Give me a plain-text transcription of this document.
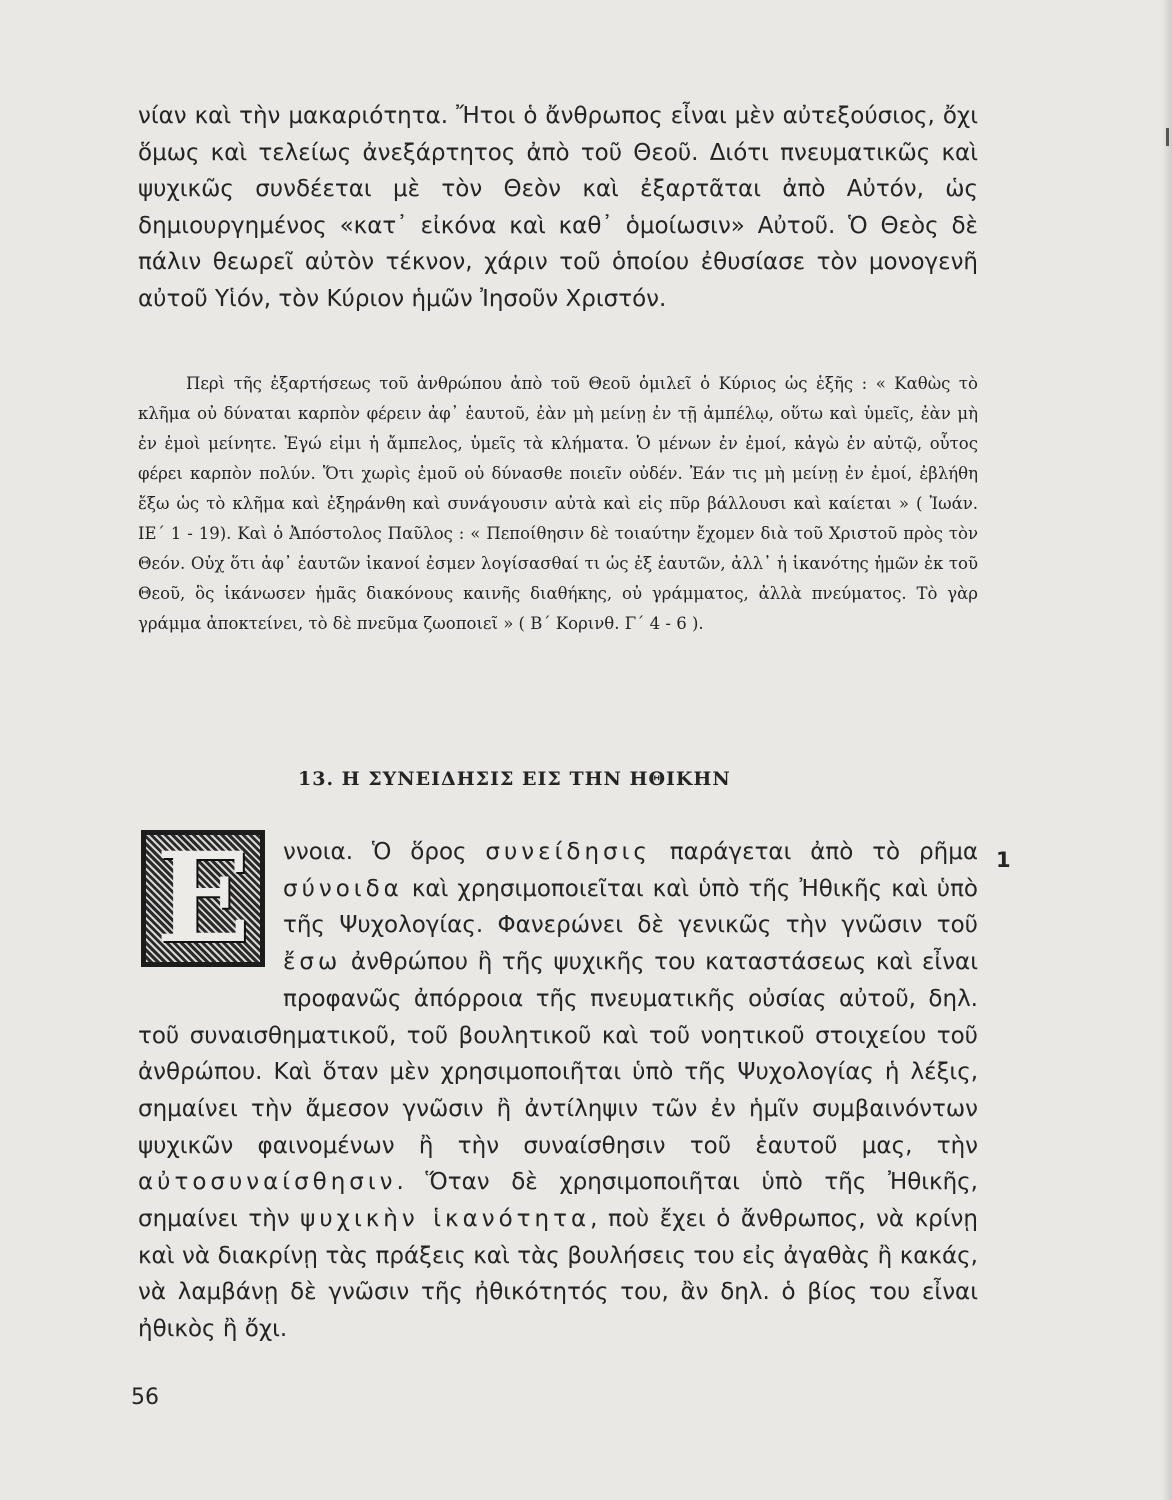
νίαν καὶ τὴν μακαριότητα. Ἤτοι ὁ ἄνθρωπος εἶναι μὲν αὐτεξούσιος, ὄχι ὅμως καὶ τελείως ἀνεξάρτητος ἀπὸ τοῦ Θεοῦ. Διότι πνευματικῶς καὶ ψυχικῶς συνδέεται μὲ τὸν Θεὸν καὶ ἐξαρτᾶται ἀπὸ Αὐτόν, ὡς δημιουργημένος «κατ᾽ εἰκόνα καὶ καθ᾽ ὁμοίωσιν» Αὐτοῦ. Ὁ Θεὸς δὲ πάλιν θεωρεῖ αὐτὸν τέκνον, χάριν τοῦ ὁποίου ἐθυσίασε τὸν μονογενῆ αὐτοῦ Υἱόν, τὸν Κύριον ἡμῶν Ἰησοῦν Χριστόν.

Περὶ τῆς ἐξαρτήσεως τοῦ ἀνθρώπου ἀπὸ τοῦ Θεοῦ ὁμιλεῖ ὁ Κύριος ὡς ἑξῆς : « Καθὼς τὸ κλῆμα οὐ δύναται καρπὸν φέρειν ἀφ᾽ ἑαυτοῦ, ἐὰν μὴ μείνῃ ἐν τῇ ἀμπέλῳ, οὕτω καὶ ὑμεῖς, ἐὰν μὴ ἐν ἐμοὶ μείνητε. Ἐγώ εἰμι ἡ ἄμπελος, ὑμεῖς τὰ κλήματα. Ὁ μένων ἐν ἐμοί, κἀγὼ ἐν αὐτῷ, οὗτος φέρει καρπὸν πολύν. Ὅτι χωρὶς ἐμοῦ οὐ δύνασθε ποιεῖν οὐδέν. Ἐάν τις μὴ μείνῃ ἐν ἐμοί, ἐβλήθη ἔξω ὡς τὸ κλῆμα καὶ ἐξηράνθη καὶ συνάγουσιν αὐτὰ καὶ εἰς πῦρ βάλλουσι καὶ καίεται » ( Ἰωάν. ΙΕ΄ 1 - 19). Καὶ ὁ Ἀπόστολος Παῦλος : « Πεποίθησιν δὲ τοιαύτην ἔχομεν διὰ τοῦ Χριστοῦ πρὸς τὸν Θεόν. Οὐχ ὅτι ἀφ᾽ ἑαυτῶν ἱκανοί ἐσμεν λογίσασθαί τι ὡς ἐξ ἑαυτῶν, ἀλλ᾽ ἡ ἱκανότης ἡμῶν ἐκ τοῦ Θεοῦ, ὃς ἱκάνωσεν ἡμᾶς διακόνους καινῆς διαθήκης, οὐ γράμματος, ἀλλὰ πνεύματος. Τὸ γὰρ γράμμα ἀποκτείνει, τὸ δὲ πνεῦμα ζωοποιεῖ » ( Β΄ Κορινθ. Γ΄ 4 - 6 ).

13. Η ΣΥΝΕΙΔΗΣΙΣ ΕΙΣ ΤΗΝ ΗΘΙΚΗΝ
E	ννοια. Ὁ ὅρος συνείδησις παράγεται ἀπὸ τὸ ρῆμα σύνοιδα καὶ χρησιμοποιεῖται καὶ ὑπὸ τῆς Ἠθικῆς καὶ ὑπὸ τῆς Ψυχολογίας. Φανερώνει δὲ γενικῶς τὴν γνῶσιν τοῦ ἔσω ἀνθρώπου ἢ τῆς ψυχικῆς του καταστάσεως καὶ εἶναι προφανῶς ἀπόρροια τῆς πνευματικῆς οὐσίας αὐτοῦ, δηλ. τοῦ συναισθηματικοῦ, τοῦ βουλητικοῦ καὶ τοῦ νοητικοῦ στοιχείου τοῦ ἀνθρώπου. Καὶ ὅταν μὲν χρησιμοποιῆται ὑπὸ τῆς Ψυχολογίας ἡ λέξις, σημαίνει τὴν ἄμεσον γνῶσιν ἢ ἀντίληψιν τῶν ἐν ἡμῖν συμβαινόντων ψυχικῶν φαινομένων ἢ τὴν συναίσθησιν τοῦ ἑαυτοῦ μας, τὴν αὐτοσυναίσθησιν. Ὅταν δὲ χρησιμοποιῆται ὑπὸ τῆς Ἠθικῆς, σημαίνει τὴν ψυχικὴν ἱκανότητα, ποὺ ἔχει ὁ ἄνθρωπος, νὰ κρίνῃ καὶ νὰ διακρίνῃ τὰς πράξεις καὶ τὰς βουλήσεις του εἰς ἀγαθὰς ἢ κακάς, νὰ λαμβάνῃ δὲ γνῶσιν τῆς ἠθικότητός του, ἂν δηλ. ὁ βίος του εἶναι ἠθικὸς ἢ ὄχι.
1
56
